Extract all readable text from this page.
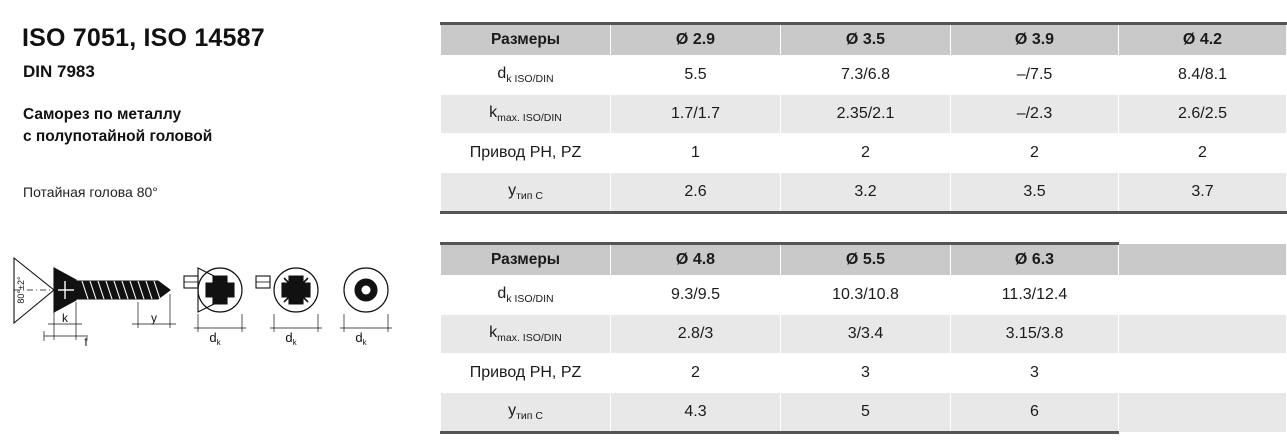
ISO 7051, ISO 14587
DIN 7983
Саморез по металлу
с полупотайной головой
Потайная голова 80°
80°±2°
k
f
y
$d_k$	$d_k$	$d_k$
Размеры	Ø 2.9	Ø 3.5	Ø 3.9	Ø 4.2
$d_{k ISO/DIN}$	5.5	7.3/6.8	–/7.5	8.4/8.1
$k_{max. ISO/DIN}$	1.7/1.7	2.35/2.1	–/2.3	2.6/2.5
Привод PH, PZ	1	2	2	2
$y_{тип C}$	2.6	3.2	3.5	3.7
Размеры	Ø 4.8	Ø 5.5	Ø 6.3	
$d_{k ISO/DIN}$	9.3/9.5	10.3/10.8	11.3/12.4	
$k_{max. ISO/DIN}$	2.8/3	3/3.4	3.15/3.8	
Привод PH, PZ	2	3	3	
$y_{тип C}$	4.3	5	6	
